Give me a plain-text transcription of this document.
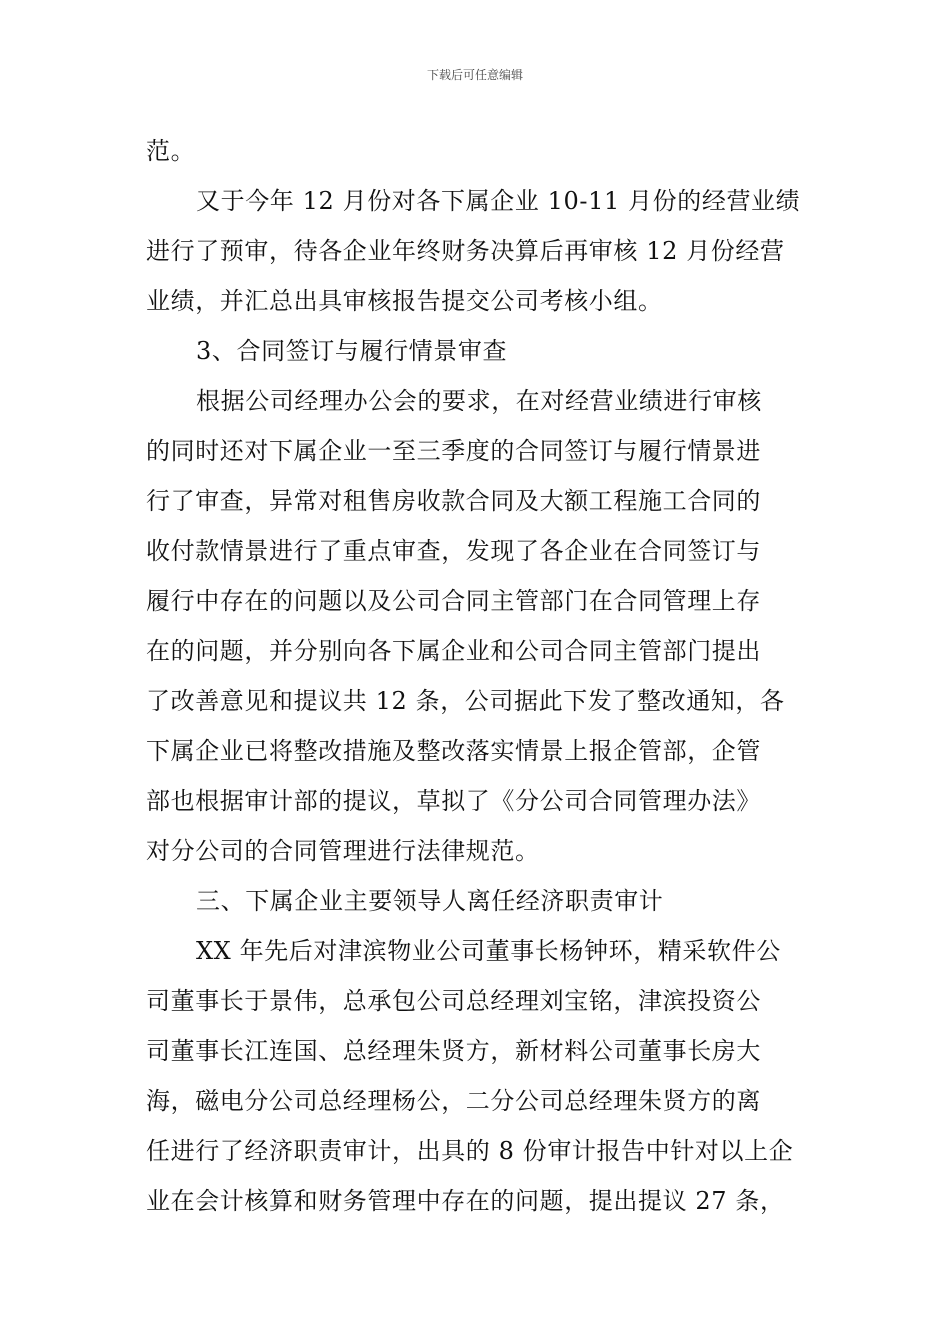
下载后可任意编辑
范。
又于今年 12 月份对各下属企业 10-11 月份的经营业绩
进行了预审，待各企业年终财务决算后再审核 12 月份经营
业绩，并汇总出具审核报告提交公司考核小组。
3、合同签订与履行情景审查
根据公司经理办公会的要求，在对经营业绩进行审核
的同时还对下属企业一至三季度的合同签订与履行情景进
行了审查，异常对租售房收款合同及大额工程施工合同的
收付款情景进行了重点审查，发现了各企业在合同签订与
履行中存在的问题以及公司合同主管部门在合同管理上存
在的问题，并分别向各下属企业和公司合同主管部门提出
了改善意见和提议共 12 条，公司据此下发了整改通知，各
下属企业已将整改措施及整改落实情景上报企管部，企管
部也根据审计部的提议，草拟了《分公司合同管理办法》
对分公司的合同管理进行法律规范。
三、下属企业主要领导人离任经济职责审计
XX 年先后对津滨物业公司董事长杨钟环，精采软件公
司董事长于景伟，总承包公司总经理刘宝铭，津滨投资公
司董事长江连国、总经理朱贤方，新材料公司董事长房大
海，磁电分公司总经理杨公，二分公司总经理朱贤方的离
任进行了经济职责审计，出具的 8 份审计报告中针对以上企
业在会计核算和财务管理中存在的问题，提出提议 27 条，
